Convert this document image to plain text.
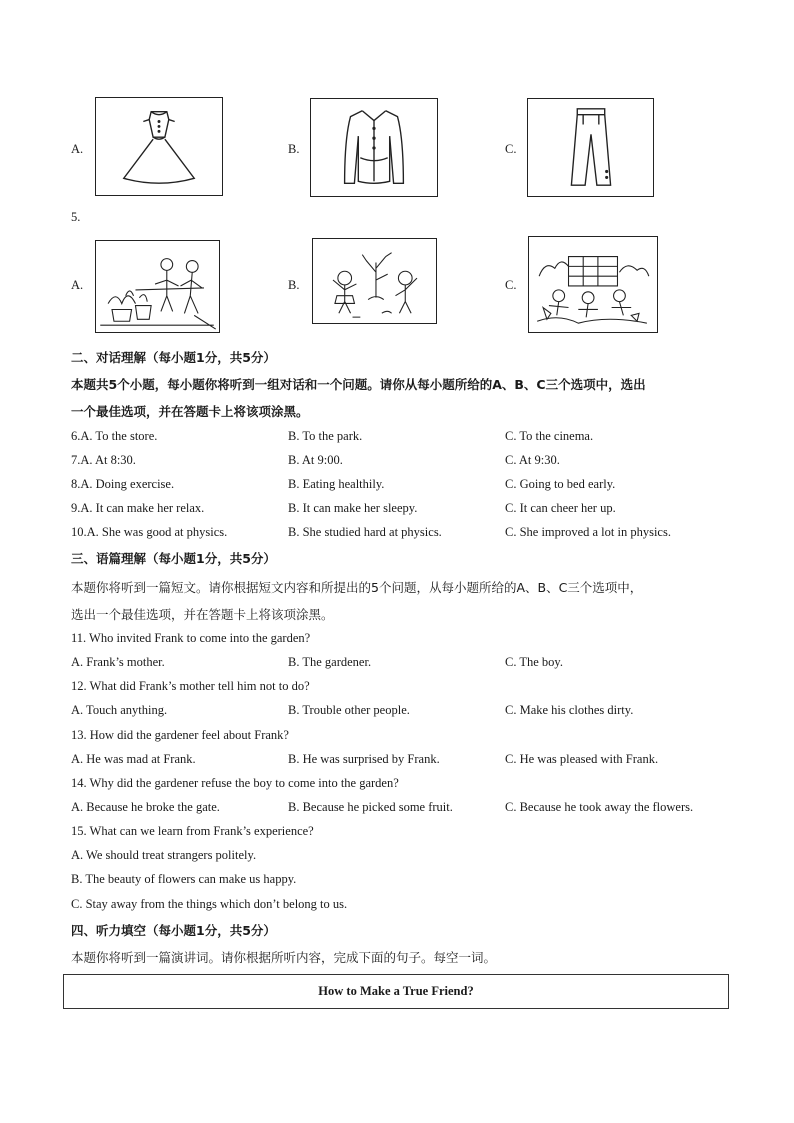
A.	B.	C.
5.
A.	B.	C.
二、对话理解（每小题1分，共5分）
本题共5个小题，每小题你将听到一组对话和一个问题。请你从每小题所给的A、B、C三个选项中，选出
一个最佳选项，并在答题卡上将该项涂黑。
6.A. To the store.	B. To the park.	C. To the cinema.
7.A. At 8:30.	B. At 9:00.	C. At 9:30.
8.A. Doing exercise.	B. Eating healthily.	C. Going to bed early.
9.A. It can make her relax.	B. It can make her sleepy.	C. It can cheer her up.
10.A. She was good at physics.	B. She studied hard at physics.	C. She improved a lot in physics.
三、语篇理解（每小题1分，共5分）
本题你将听到一篇短文。请你根据短文内容和所提出的5个问题，从每小题所给的A、B、C三个选项中，
选出一个最佳选项，并在答题卡上将该项涂黑。
11. Who invited Frank to come into the garden?
A. Frank’s mother.	B. The gardener.	C. The boy.
12. What did Frank’s mother tell him not to do?
A. Touch anything.	B. Trouble other people.	C. Make his clothes dirty.
13. How did the gardener feel about Frank?
A. He was mad at Frank.	B. He was surprised by Frank.	C. He was pleased with Frank.
14. Why did the gardener refuse the boy to come into the garden?
A. Because he broke the gate.	B. Because he picked some fruit.	C. Because he took away the flowers.
15. What can we learn from Frank’s experience?
A. We should treat strangers politely.
B. The beauty of flowers can make us happy.
C. Stay away from the things which don’t belong to us.
四、听力填空（每小题1分，共5分）
本题你将听到一篇演讲词。请你根据所听内容，完成下面的句子。每空一词。
How to Make a True Friend?
